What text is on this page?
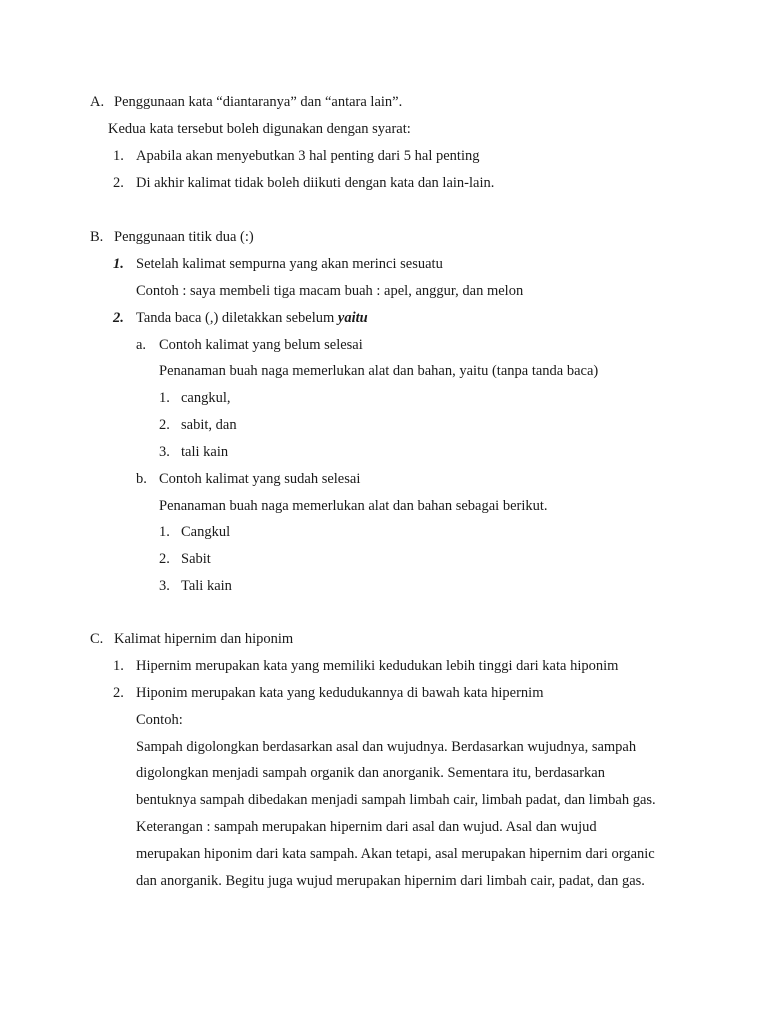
A. Penggunaan kata “diantaranya” dan “antara lain”.
Kedua kata tersebut boleh digunakan dengan syarat:
1. Apabila akan menyebutkan 3 hal penting dari 5 hal penting
2. Di akhir kalimat tidak boleh diikuti dengan kata dan lain-lain.
B. Penggunaan titik dua (:)
1. Setelah kalimat sempurna yang akan merinci sesuatu
Contoh : saya membeli tiga macam buah : apel, anggur, dan melon
2. Tanda baca (,) diletakkan sebelum yaitu
a. Contoh kalimat yang belum selesai
Penanaman buah naga memerlukan alat dan bahan, yaitu (tanpa tanda baca)
1. cangkul,
2. sabit, dan
3. tali kain
b. Contoh kalimat yang sudah selesai
Penanaman buah naga memerlukan alat dan bahan sebagai berikut.
1. Cangkul
2. Sabit
3. Tali kain
C. Kalimat hipernim dan hiponim
1. Hipernim merupakan kata yang memiliki kedudukan lebih tinggi dari kata hiponim
2. Hiponim merupakan kata yang kedudukannya di bawah kata hipernim
Contoh:
Sampah digolongkan berdasarkan asal dan wujudnya. Berdasarkan wujudnya, sampah
digolongkan menjadi sampah organik dan anorganik. Sementara itu, berdasarkan
bentuknya sampah dibedakan menjadi sampah limbah cair, limbah padat, dan limbah gas.
Keterangan : sampah merupakan hipernim dari asal dan wujud. Asal dan wujud
merupakan hiponim dari kata sampah. Akan tetapi, asal merupakan hipernim dari organic
dan anorganik. Begitu juga wujud merupakan hipernim dari limbah cair, padat, dan gas.
